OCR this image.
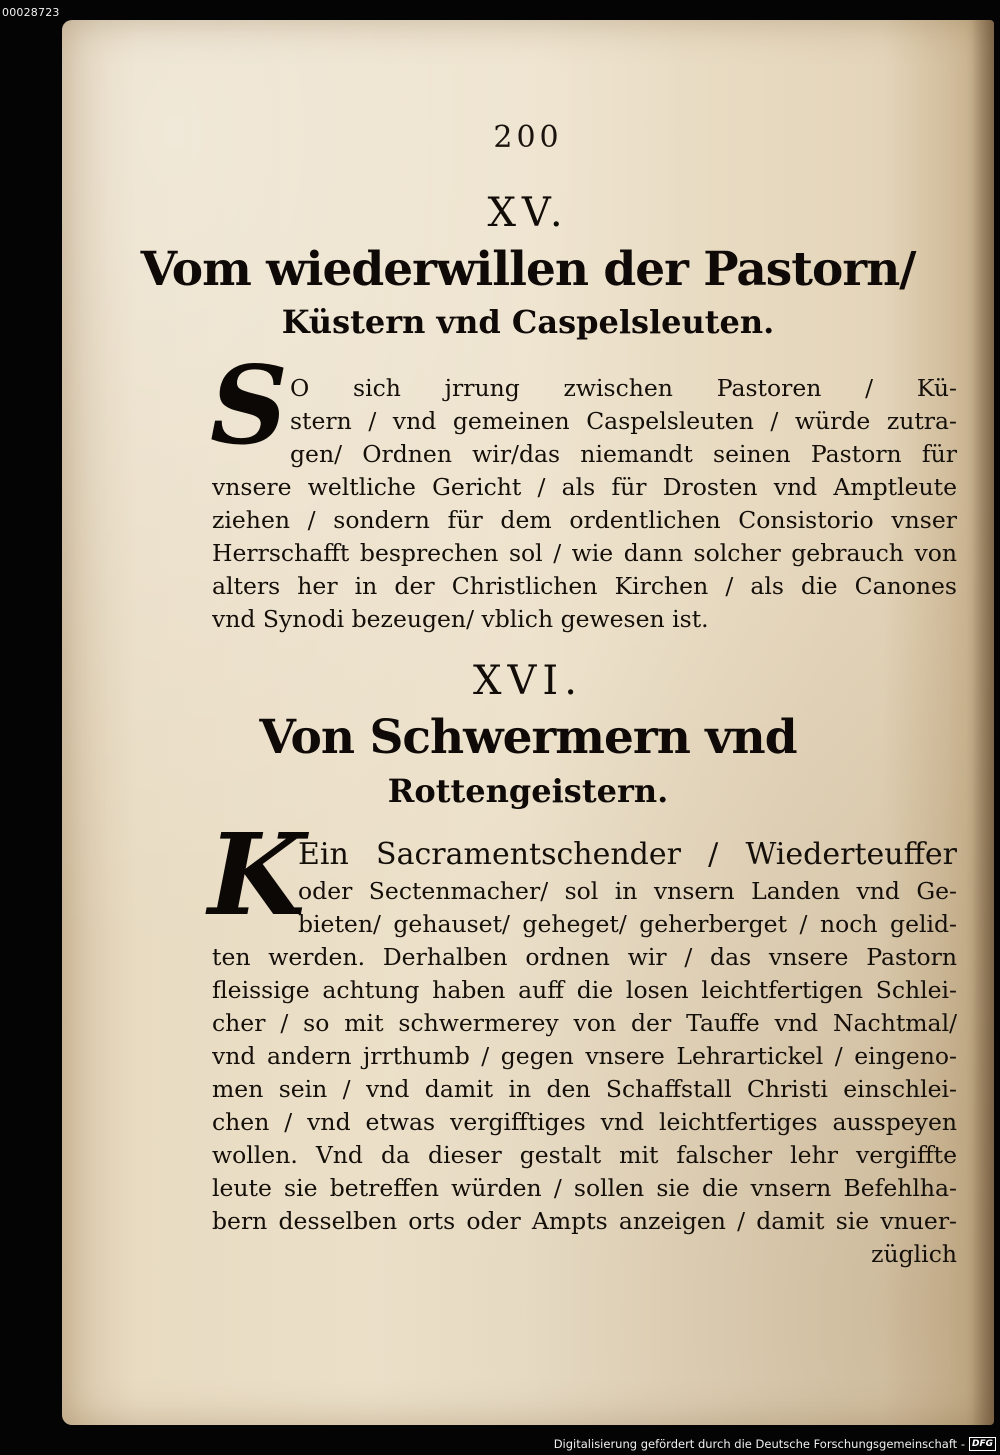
00028723
200
XV.
Vom wiederwillen der Pastorn/
Küstern vnd Caspelsleuten.
S O sich jrrung zwischen Pastoren / Kü-
stern / vnd gemeinen Caspelsleuten / würde zutra-
gen/ Ordnen wir/das niemandt seinen Pastorn für
vnsere weltliche Gericht / als für Drosten vnd Amptleute
ziehen / sondern für dem ordentlichen Consistorio vnser
Herrschafft besprechen sol / wie dann solcher gebrauch von
alters her in der Christlichen Kirchen / als die Canones
vnd Synodi bezeugen/ vblich gewesen ist.
XVI.
Von Schwermern vnd
Rottengeistern.
K
Ein Sacramentschender / Wiederteuffer
oder Sectenmacher/ sol in vnsern Landen vnd Ge-
bieten/ gehauset/ geheget/ geherberget / noch gelid-
ten werden. Derhalben ordnen wir / das vnsere Pastorn
fleissige achtung haben auff die losen leichtfertigen Schlei-
cher / so mit schwermerey von der Tauffe vnd Nachtmal/
vnd andern jrrthumb / gegen vnsere Lehrartickel / eingeno-
men sein / vnd damit in den Schaffstall Christi einschlei-
chen / vnd etwas vergifftiges vnd leichtfertiges ausspeyen
wollen. Vnd da dieser gestalt mit falscher lehr vergiffte
leute sie betreffen würden / sollen sie die vnsern Befehlha-
bern desselben orts oder Ampts anzeigen / damit sie vnuer-
züglich
Digitalisierung gefördert durch die Deutsche Forschungsgemeinschaft - DFG
